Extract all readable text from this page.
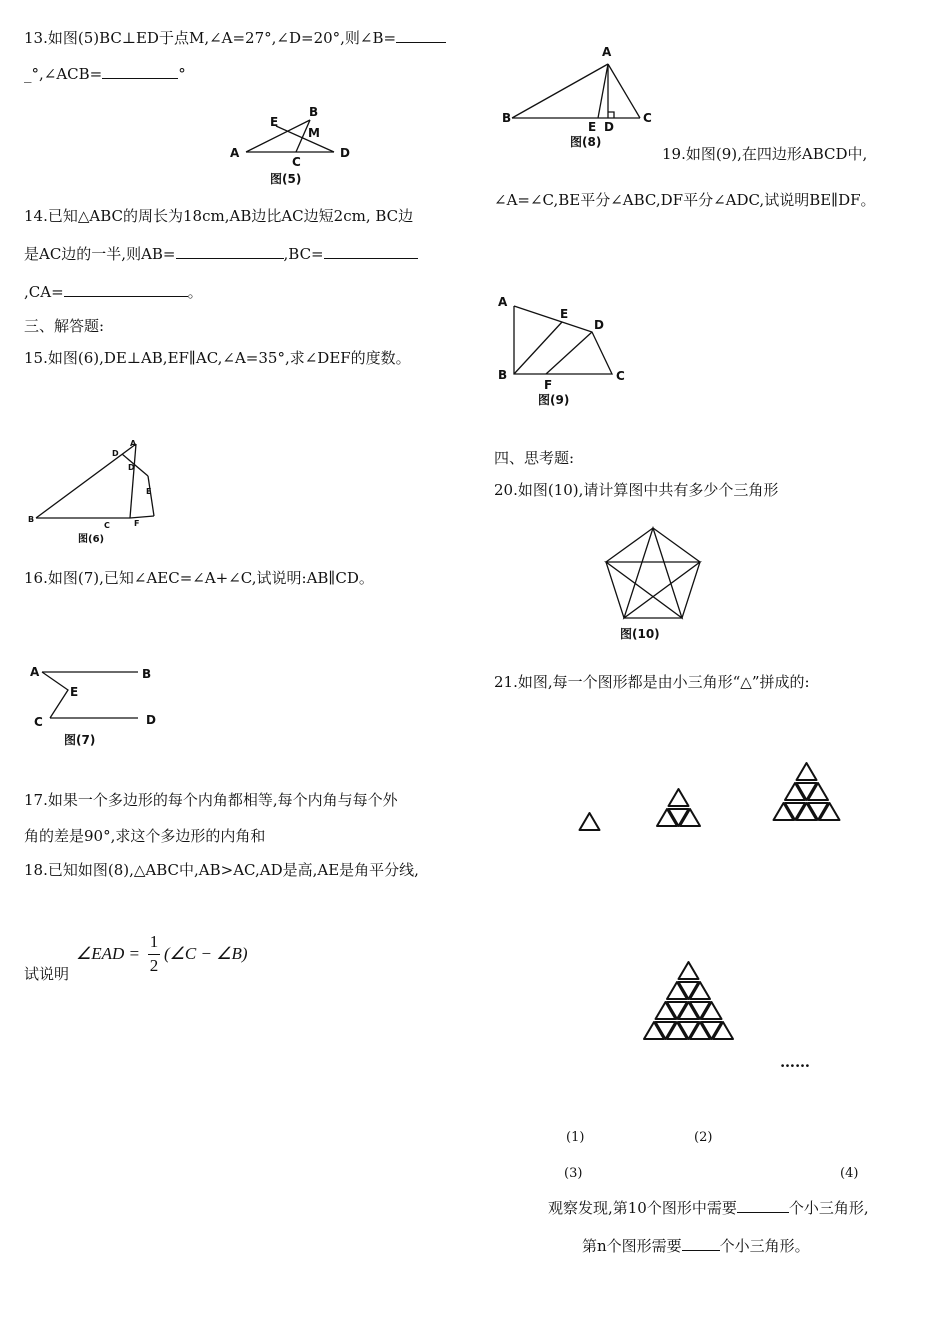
13.如图(5)BC⊥ED于点M,∠A=27°,∠D=20°,则∠B=
_°,∠ACB=	°
A
B
C
D
E
M
图(5)
14.已知△ABC的周长为18cm,AB边比AC边短2cm, BC边
是AC边的一半,则AB=	,BC=
,CA=	。
三、解答题:
15.如图(6),DE⊥AB,EF∥AC,∠A=35°,求∠DEF的度数。
A
B
C
D
E
F
D
图(6)
16.如图(7),已知∠AEC=∠A+∠C,试说明:AB∥CD。
A	B
C	D
E
图(7)
17.如果一个多边形的每个内角都相等,每个内角与每个外
角的差是90°,求这个多边形的内角和
18.已知如图(8),△ABC中,AB>AC,AD是高,AE是角平分线,
试说明
∠EAD =
1
2
(∠C − ∠B)
A
B	C
D
E
图(8)
19.如图(9),在四边形ABCD中,
∠A=∠C,BE平分∠ABC,DF平分∠ADC,试说明BE∥DF。
A
B	C
D
E
F
图(9)
四、思考题:
20.如图(10),请计算图中共有多少个三角形
图(10)
21.如图,每一个图形都是由小三角形“△”拼成的:
……
(1)	(2)
(3)	(4)
观察发现,第10个图形中需要	个小三角形,
第n个图形需要	个小三角形。
